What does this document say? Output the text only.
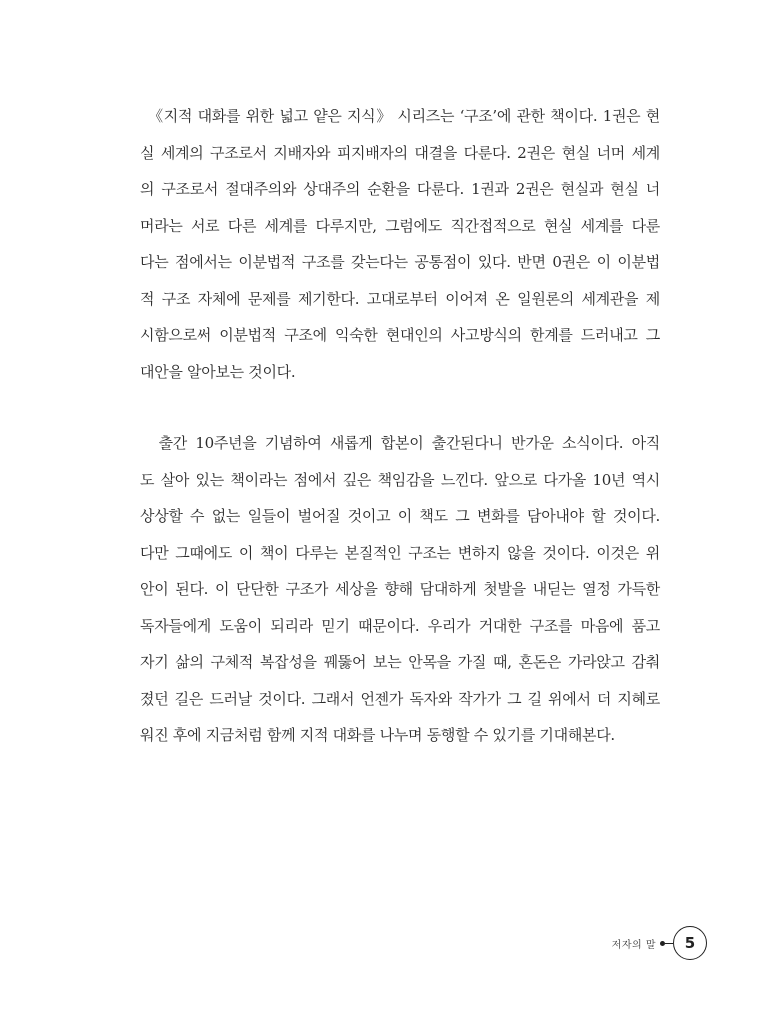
　《지적 대화를 위한 넓고 얕은 지식》 시리즈는 ‘구조’에 관한 책이다. 1권은 현
실 세계의 구조로서 지배자와 피지배자의 대결을 다룬다. 2권은 현실 너머 세계
의 구조로서 절대주의와 상대주의 순환을 다룬다. 1권과 2권은 현실과 현실 너
머라는 서로 다른 세계를 다루지만, 그럼에도 직간접적으로 현실 세계를 다룬
다는 점에서는 이분법적 구조를 갖는다는 공통점이 있다. 반면 0권은 이 이분법
적 구조 자체에 문제를 제기한다. 고대로부터 이어져 온 일원론의 세계관을 제
시함으로써 이분법적 구조에 익숙한 현대인의 사고방식의 한계를 드러내고 그
대안을 알아보는 것이다.
　출간 10주년을 기념하여 새롭게 합본이 출간된다니 반가운 소식이다. 아직
도 살아 있는 책이라는 점에서 깊은 책임감을 느낀다. 앞으로 다가올 10년 역시
상상할 수 없는 일들이 벌어질 것이고 이 책도 그 변화를 담아내야 할 것이다.
다만 그때에도 이 책이 다루는 본질적인 구조는 변하지 않을 것이다. 이것은 위
안이 된다. 이 단단한 구조가 세상을 향해 담대하게 첫발을 내딛는 열정 가득한
독자들에게 도움이 되리라 믿기 때문이다. 우리가 거대한 구조를 마음에 품고
자기 삶의 구체적 복잡성을 꿰뚫어 보는 안목을 가질 때, 혼돈은 가라앉고 감춰
졌던 길은 드러날 것이다. 그래서 언젠가 독자와 작가가 그 길 위에서 더 지혜로
워진 후에 지금처럼 함께 지적 대화를 나누며 동행할 수 있기를 기대해본다.
저자의 말	5
